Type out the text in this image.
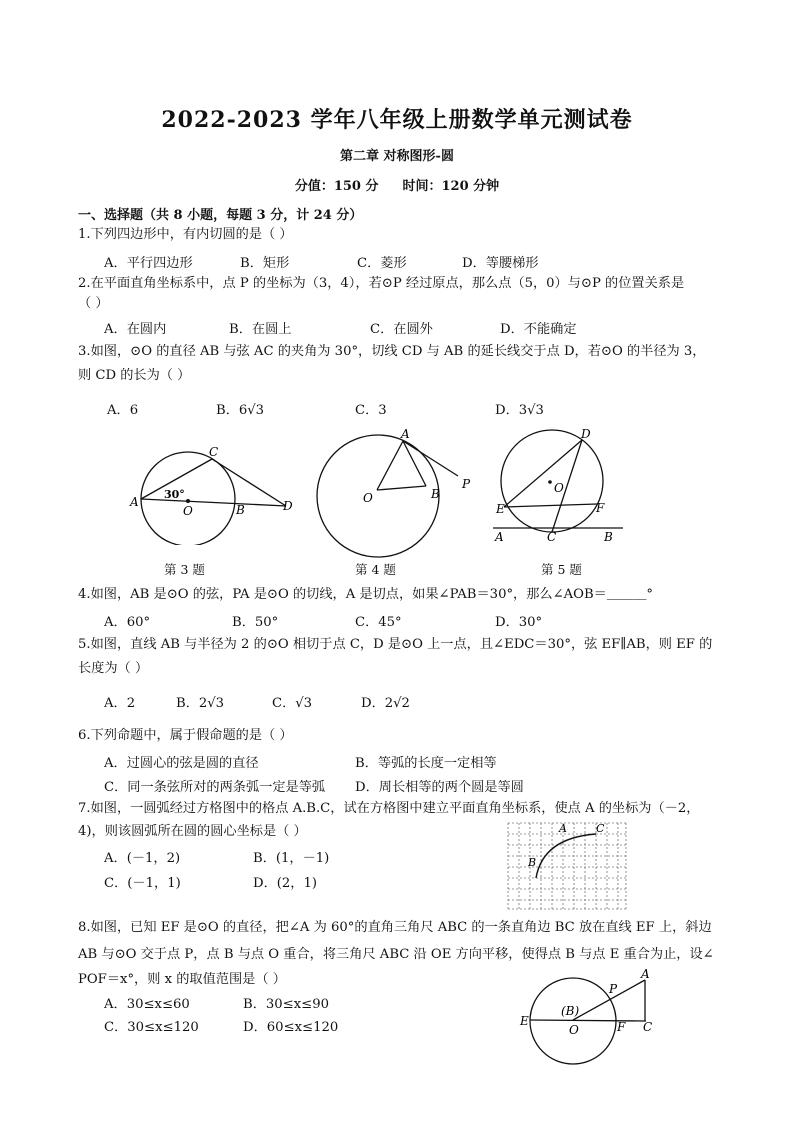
2022-2023 学年八年级上册数学单元测试卷
第二章 对称图形-圆
分值：150 分 时间：120 分钟
一、选择题（共 8 小题，每题 3 分，计 24 分）
1.下列四边形中，有内切圆的是（ ）
A．平行四边形	B．矩形	C．菱形	D．等腰梯形
2.在平面直角坐标系中，点 P 的坐标为（3，4），若⊙P 经过原点，那么点（5，0）与⊙P 的位置关系是
（ ）
A．在圆内	B．在圆上	C．在圆外	D．不能确定
3.如图，⊙O 的直径 AB 与弦 AC 的夹角为 30°，切线 CD 与 AB 的延长线交于点 D，若⊙O 的半径为 3，
则 CD 的长为（ ）
A．6	B．6√3	C．3	D．3√3
A
C
O	B	D
30°
A
O	B
P
D
O
E	F
A	C	B
第 3 题	第 4 题	第 5 题
4.如图，AB 是⊙O 的弦，PA 是⊙O 的切线，A 是切点，如果∠PAB＝30°，那么∠AOB＝＿＿＿°
A．60°	B．50°	C．45°	D．30°
5.如图，直线 AB 与半径为 2 的⊙O 相切于点 C，D 是⊙O 上一点，且∠EDC＝30°，弦 EF∥AB，则 EF 的
长度为（ ）
A．2	B．2√3	C．√3	D．2√2
6.下列命题中，属于假命题的是（ ）
A．过圆心的弦是圆的直径	B．等弧的长度一定相等
C．同一条弦所对的两条弧一定是等弧 D．周长相等的两个圆是等圆
7.如图，一圆弧经过方格图中的格点 A.B.C，试在方格图中建立平面直角坐标系，使点 A 的坐标为（－2，
4)，则该圆弧所在圆的圆心坐标是（ ）
A．(－1，2)	B．(1，－1)
C．(－1，1)	D．(2，1)
A	C
B
8.如图，已知 EF 是⊙O 的直径，把∠A 为 60°的直角三角尺 ABC 的一条直角边 BC 放在直线 EF 上，斜边
AB 与⊙O 交于点 P，点 B 与点 O 重合，将三角尺 ABC 沿 OE 方向平移，使得点 B 与点 E 重合为止，设∠
POF＝x°，则 x 的取值范围是（ ）
A．30≤x≤60	B．30≤x≤90
C．30≤x≤120	D．60≤x≤120
A
P
(B)
E
O	F C
